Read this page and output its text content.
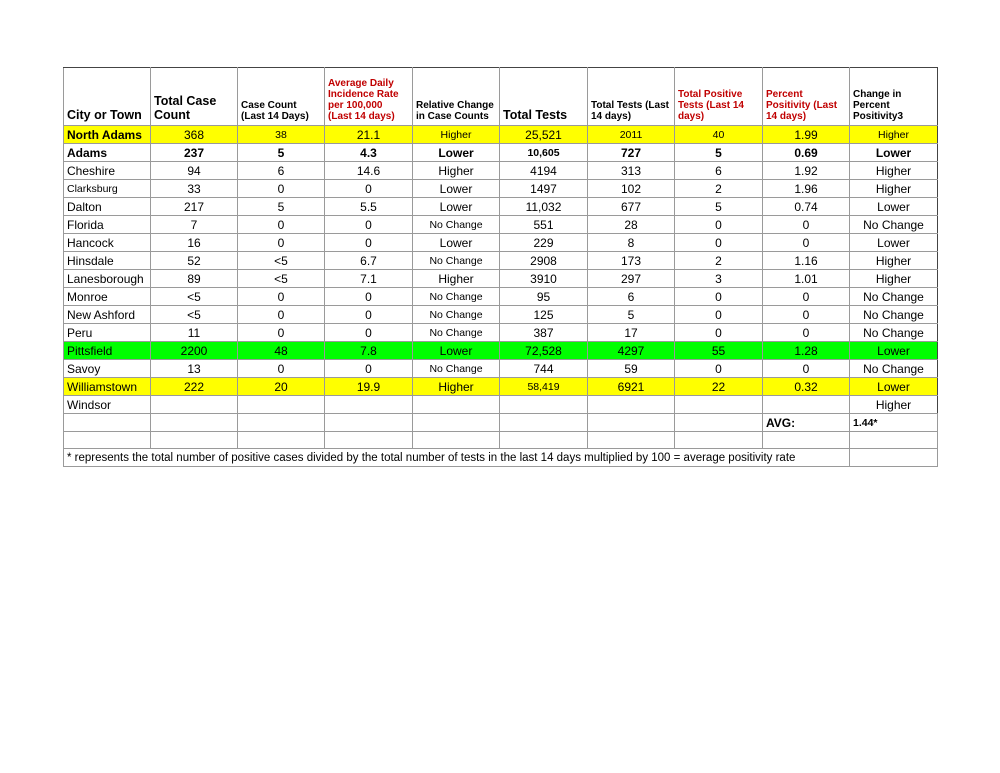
City or Town	Total Case Count	Case Count (Last 14 Days)	Average Daily Incidence Rate per 100,000 (Last 14 days)	Relative Change in Case Counts	Total Tests	Total Tests (Last 14 days)	Total Positive Tests (Last 14 days)	Percent Positivity (Last 14 days)	Change in Percent Positivity3
North Adams	368	38	21.1	Higher	25,521	2011	40	1.99	Higher
Adams	237	5	4.3	Lower	10,605	727	5	0.69	Lower
Cheshire	94	6	14.6	Higher	4194	313	6	1.92	Higher
Clarksburg	33	0	0	Lower	1497	102	2	1.96	Higher
Dalton	217	5	5.5	Lower	11,032	677	5	0.74	Lower
Florida	7	0	0	No Change	551	28	0	0	No Change
Hancock	16	0	0	Lower	229	8	0	0	Lower
Hinsdale	52	<5	6.7	No Change	2908	173	2	1.16	Higher
Lanesborough	89	<5	7.1	Higher	3910	297	3	1.01	Higher
Monroe	<5	0	0	No Change	95	6	0	0	No Change
New Ashford	<5	0	0	No Change	125	5	0	0	No Change
Peru	11	0	0	No Change	387	17	0	0	No Change
Pittsfield	2200	48	7.8	Lower	72,528	4297	55	1.28	Lower
Savoy	13	0	0	No Change	744	59	0	0	No Change
Williamstown	222	20	19.9	Higher	58,419	6921	22	0.32	Lower
Windsor									Higher
								AVG:	1.44*

* represents the total number of positive cases divided by the total number of tests in the last 14 days multiplied by 100 = average positivity rate									
